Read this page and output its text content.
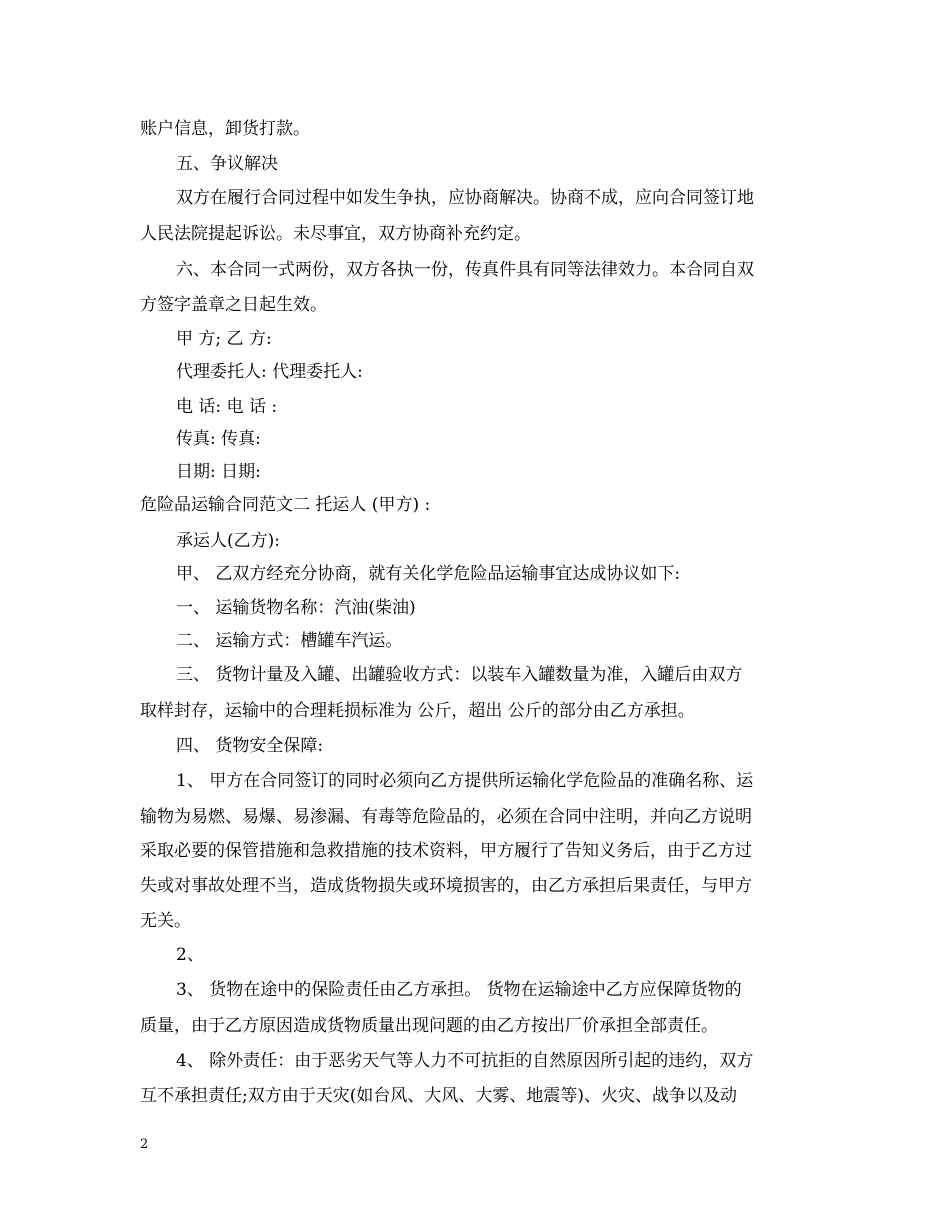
账户信息，卸货打款。
五、争议解决
双方在履行合同过程中如发生争执，应协商解决。协商不成，应向合同签订地
人民法院提起诉讼。未尽事宜，双方协商补充约定。
六、本合同一式两份，双方各执一份，传真件具有同等法律效力。本合同自双
方签字盖章之日起生效。
甲 方; 乙 方:
代理委托人: 代理委托人:
电 话: 电 话 :
传真: 传真:
日期: 日期:
危险品运输合同范文二 托运人 (甲方) :
承运人(乙方):
甲、 乙双方经充分协商，就有关化学危险品运输事宜达成协议如下:
一、 运输货物名称：汽油(柴油)
二、 运输方式：槽罐车汽运。
三、 货物计量及入罐、出罐验收方式：以装车入罐数量为准，入罐后由双方
取样封存，运输中的合理耗损标准为 公斤，超出 公斤的部分由乙方承担。
四、 货物安全保障:
1、 甲方在合同签订的同时必须向乙方提供所运输化学危险品的准确名称、运
输物为易燃、易爆、易渗漏、有毒等危险品的，必须在合同中注明，并向乙方说明
采取必要的保管措施和急救措施的技术资料，甲方履行了告知义务后，由于乙方过
失或对事故处理不当，造成货物损失或环境损害的，由乙方承担后果责任，与甲方
无关。
2、
3、 货物在途中的保险责任由乙方承担。 货物在运输途中乙方应保障货物的
质量，由于乙方原因造成货物质量出现问题的由乙方按出厂价承担全部责任。
4、 除外责任：由于恶劣天气等人力不可抗拒的自然原因所引起的违约，双方
互不承担责任;双方由于天灾(如台风、大风、大雾、地震等)、火灾、战争以及动
2
